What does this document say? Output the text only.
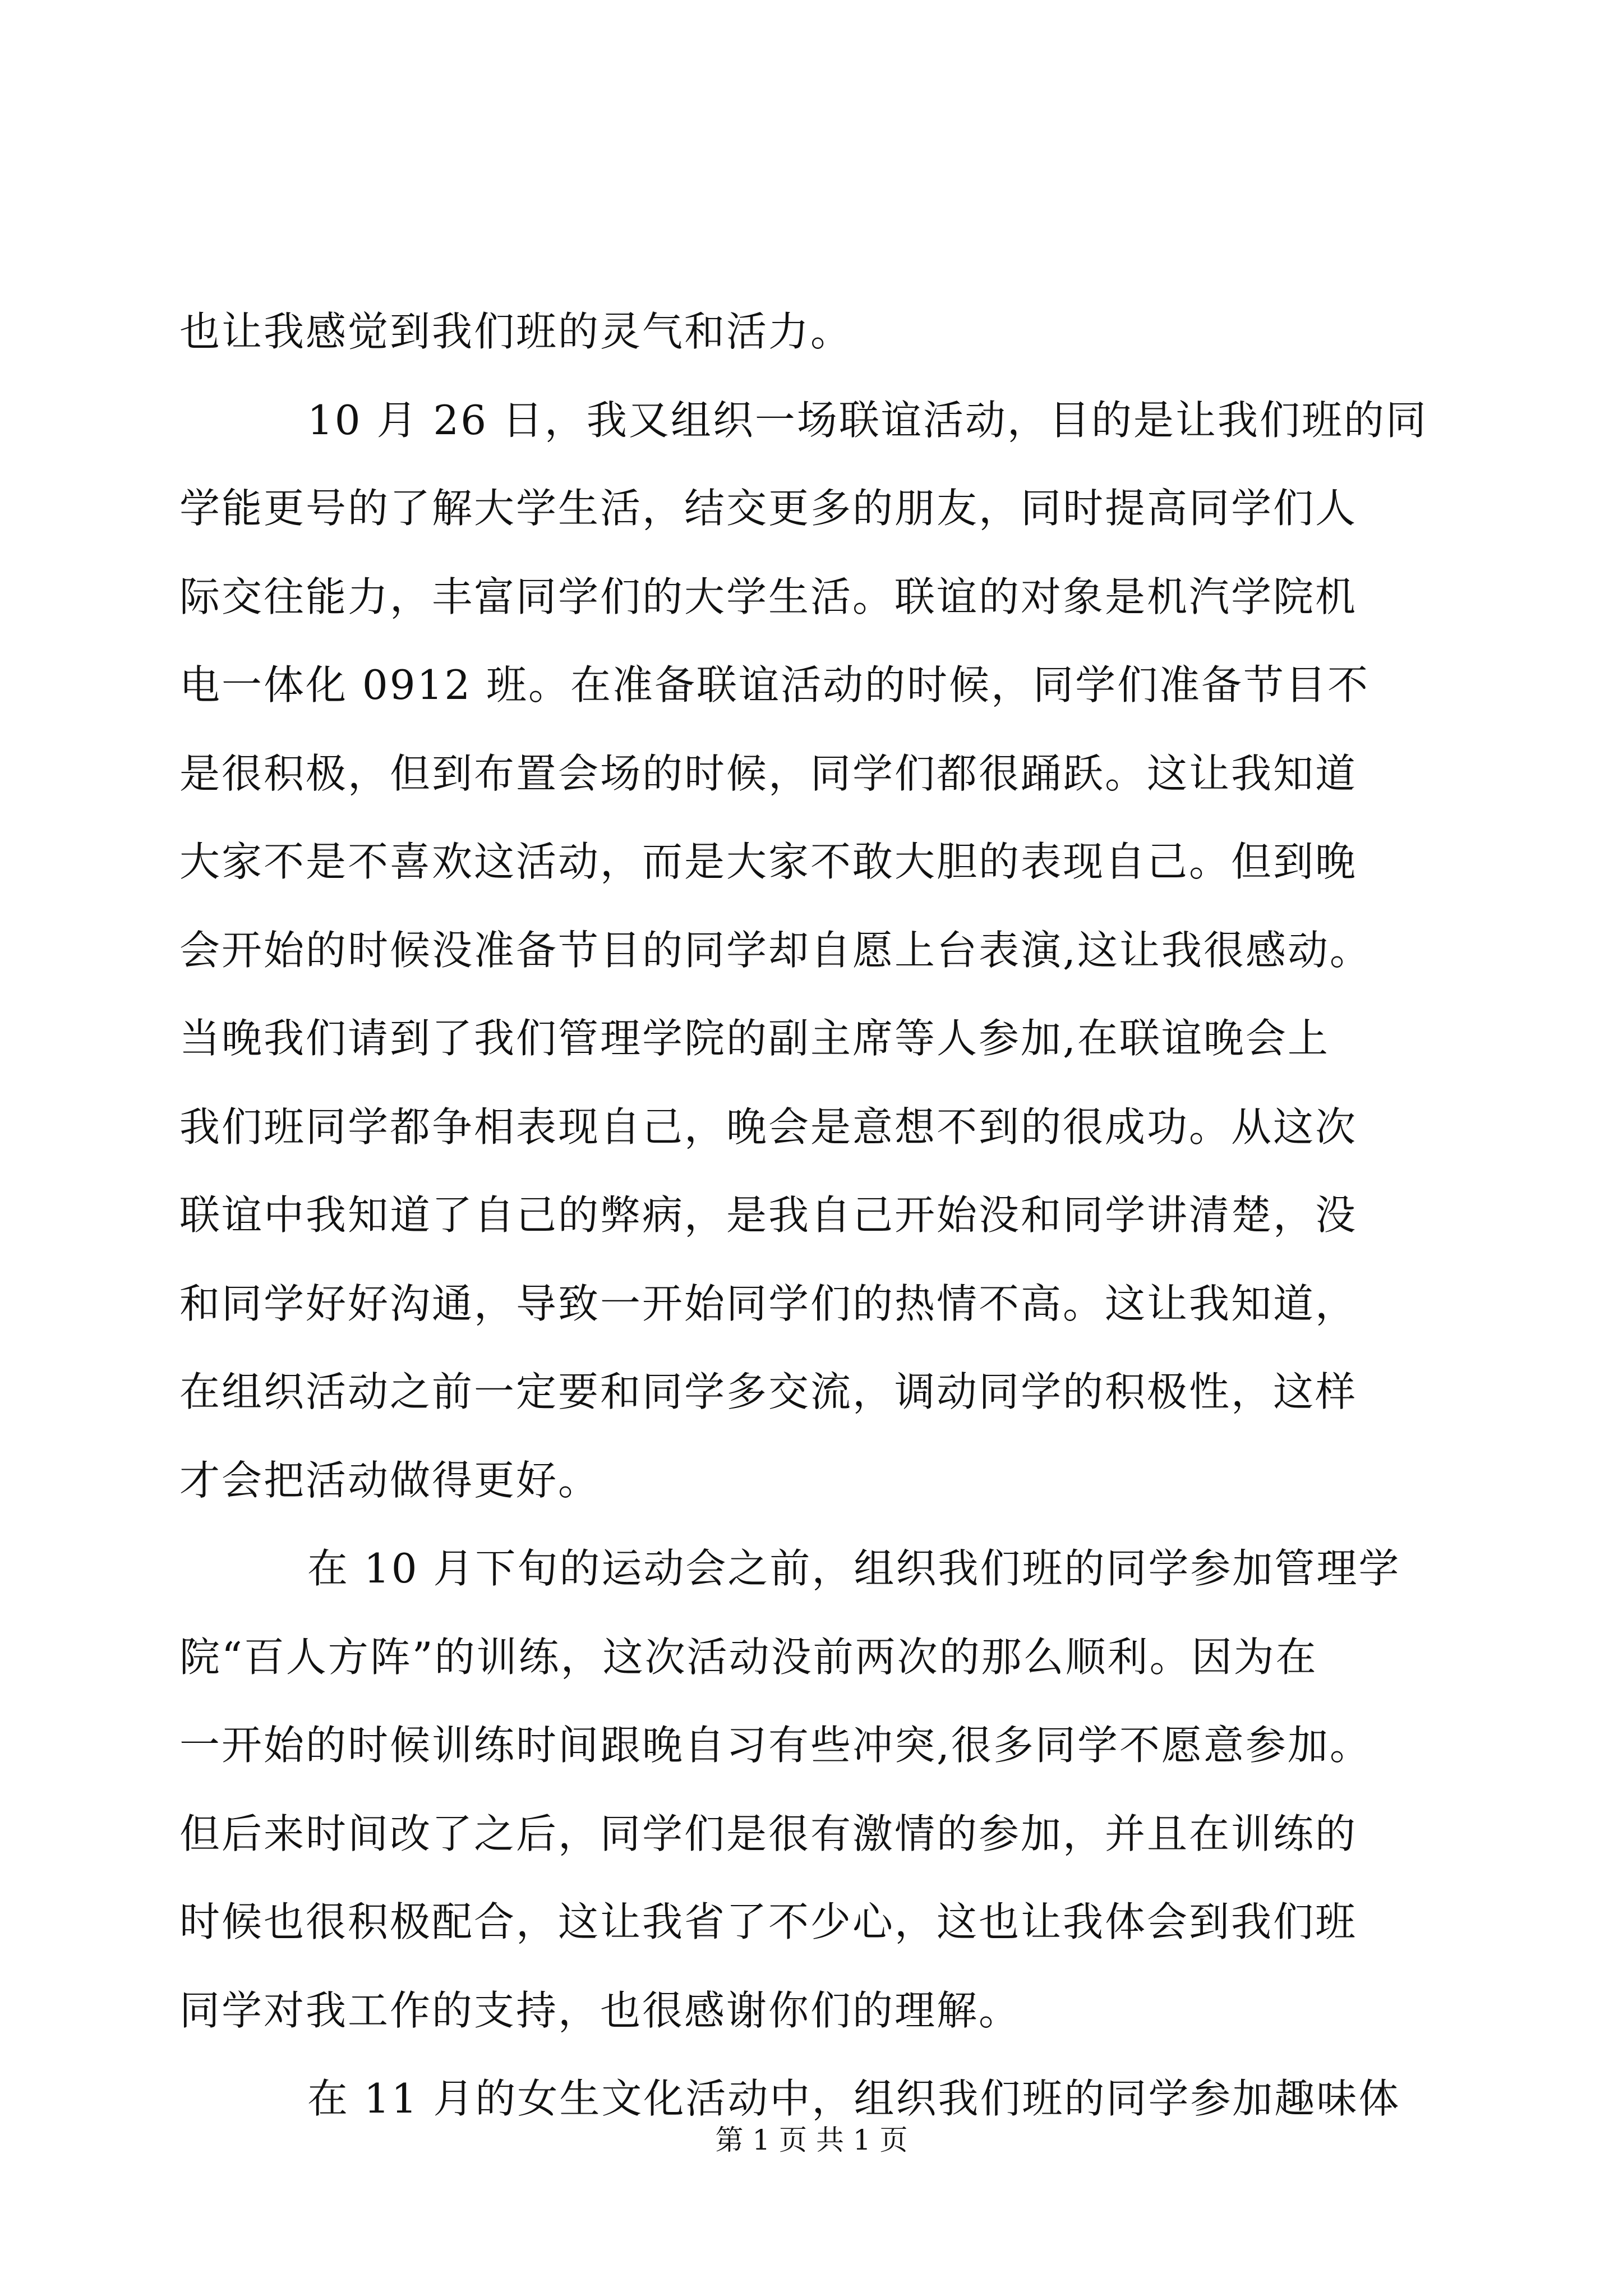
也让我感觉到我们班的灵气和活力。
10 月 26 日，我又组织一场联谊活动，目的是让我们班的同
学能更号的了解大学生活，结交更多的朋友，同时提高同学们人
际交往能力，丰富同学们的大学生活。联谊的对象是机汽学院机
电一体化 0912 班。在准备联谊活动的时候，同学们准备节目不
是很积极，但到布置会场的时候，同学们都很踊跃。这让我知道
大家不是不喜欢这活动，而是大家不敢大胆的表现自己。但到晚
会开始的时候没准备节目的同学却自愿上台表演,这让我很感动。
当晚我们请到了我们管理学院的副主席等人参加,在联谊晚会上
我们班同学都争相表现自己，晚会是意想不到的很成功。从这次
联谊中我知道了自己的弊病，是我自己开始没和同学讲清楚，没
和同学好好沟通，导致一开始同学们的热情不高。这让我知道，
在组织活动之前一定要和同学多交流，调动同学的积极性，这样
才会把活动做得更好。
在 10 月下旬的运动会之前，组织我们班的同学参加管理学
院“百人方阵”的训练，这次活动没前两次的那么顺利。因为在
一开始的时候训练时间跟晚自习有些冲突,很多同学不愿意参加。
但后来时间改了之后，同学们是很有激情的参加，并且在训练的
时候也很积极配合，这让我省了不少心，这也让我体会到我们班
同学对我工作的支持，也很感谢你们的理解。
在 11 月的女生文化活动中，组织我们班的同学参加趣味体
第 1 页 共 1 页
